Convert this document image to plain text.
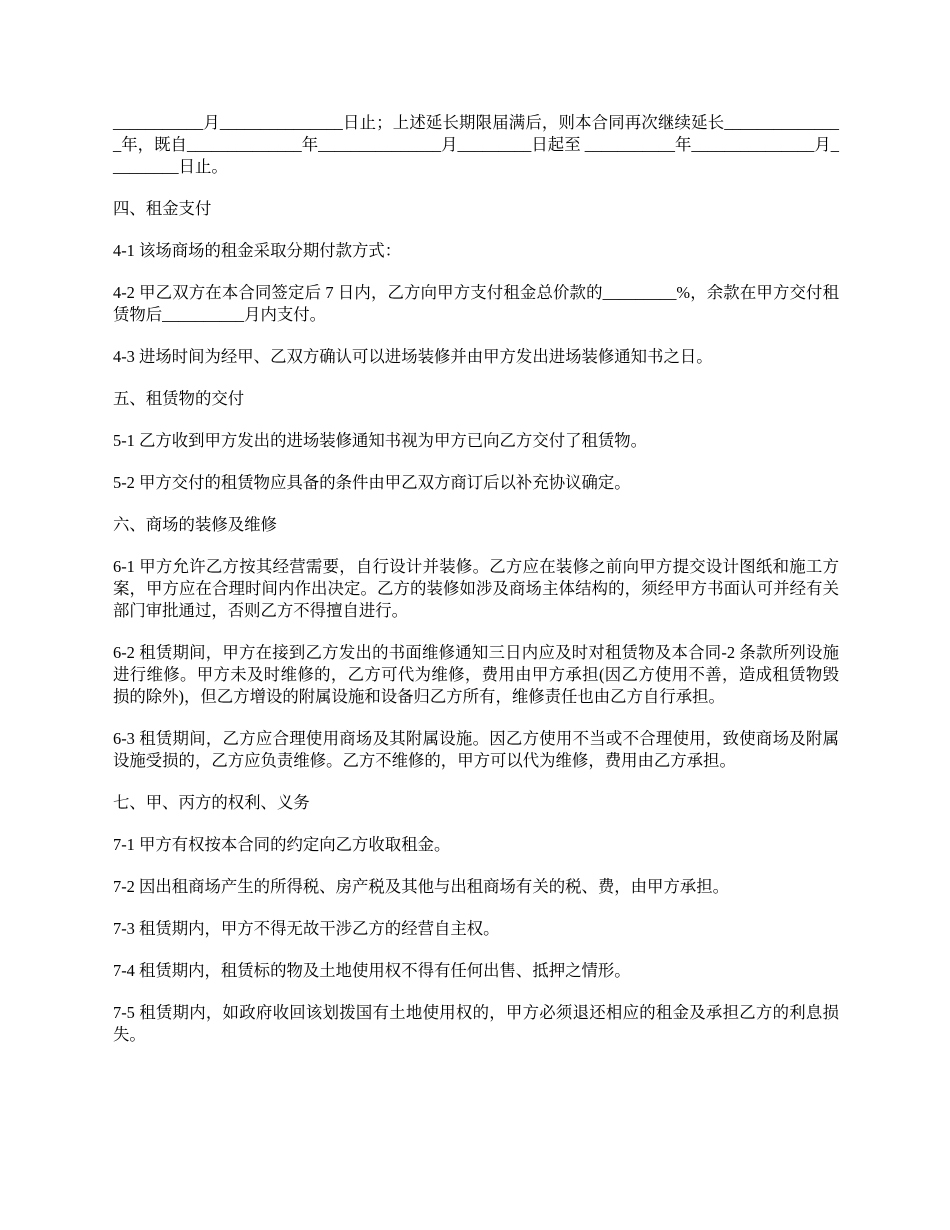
___________月_______________日止；上述延长期限届满后，则本合同再次继续延长_______________年，既自______________年_______________月_________日起至 ___________年_______________月_________日止。

四、租金支付

4-1 该场商场的租金采取分期付款方式：

4-2 甲乙双方在本合同签定后 7 日内，乙方向甲方支付租金总价款的_________%，余款在甲方交付租赁物后__________月内支付。

4-3 进场时间为经甲、乙双方确认可以进场装修并由甲方发出进场装修通知书之日。

五、租赁物的交付

5-1 乙方收到甲方发出的进场装修通知书视为甲方已向乙方交付了租赁物。

5-2 甲方交付的租赁物应具备的条件由甲乙双方商订后以补充协议确定。

六、商场的装修及维修

6-1 甲方允许乙方按其经营需要，自行设计并装修。乙方应在装修之前向甲方提交设计图纸和施工方案，甲方应在合理时间内作出决定。乙方的装修如涉及商场主体结构的，须经甲方书面认可并经有关部门审批通过，否则乙方不得擅自进行。

6-2 租赁期间，甲方在接到乙方发出的书面维修通知三日内应及时对租赁物及本合同-2 条款所列设施进行维修。甲方未及时维修的，乙方可代为维修，费用由甲方承担(因乙方使用不善，造成租赁物毁损的除外)，但乙方增设的附属设施和设备归乙方所有，维修责任也由乙方自行承担。

6-3 租赁期间，乙方应合理使用商场及其附属设施。因乙方使用不当或不合理使用，致使商场及附属设施受损的，乙方应负责维修。乙方不维修的，甲方可以代为维修，费用由乙方承担。

七、甲、丙方的权利、义务

7-1 甲方有权按本合同的约定向乙方收取租金。

7-2 因出租商场产生的所得税、房产税及其他与出租商场有关的税、费，由甲方承担。

7-3 租赁期内，甲方不得无故干涉乙方的经营自主权。

7-4 租赁期内，租赁标的物及土地使用权不得有任何出售、抵押之情形。

7-5 租赁期内，如政府收回该划拨国有土地使用权的，甲方必须退还相应的租金及承担乙方的利息损失。
